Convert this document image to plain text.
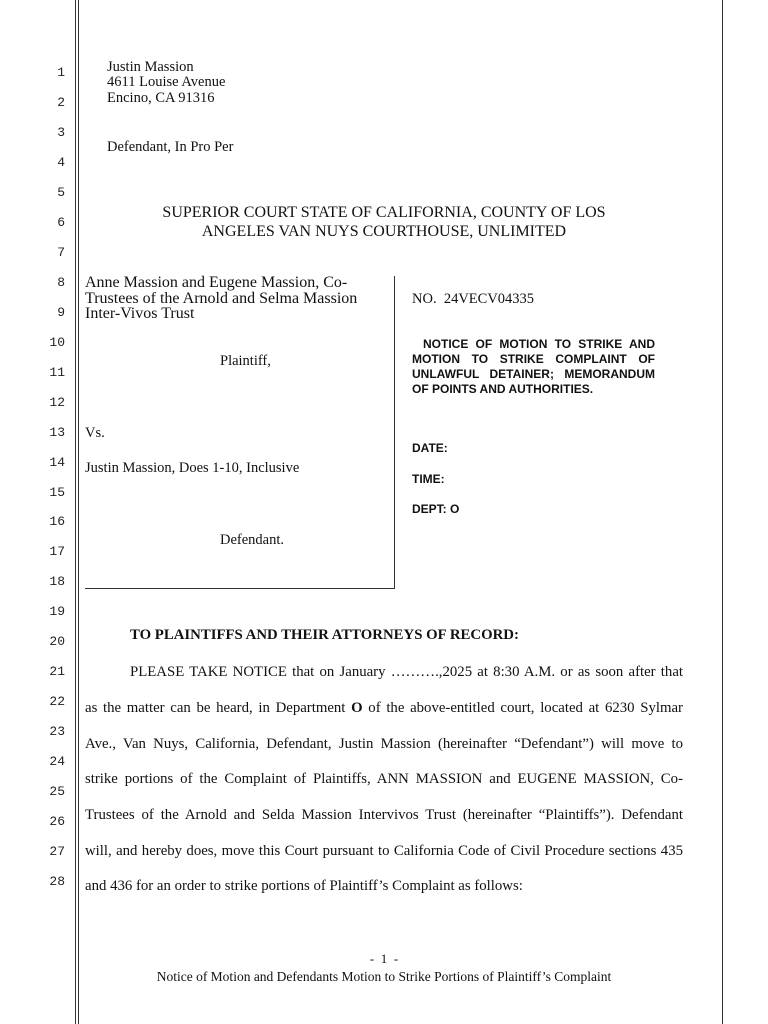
1
2
3
4
5
6
7
8
9
10
11
12
13
14
15
16
17
18
19
20
21
22
23
24
25
26
27
28
Justin Massion
4611 Louise Avenue
Encino, CA 91316
Defendant, In Pro Per
SUPERIOR COURT STATE OF CALIFORNIA, COUNTY OF LOS
ANGELES VAN NUYS COURTHOUSE, UNLIMITED
Anne Massion and Eugene Massion, Co-
Trustees of the Arnold and Selma Massion
Inter-Vivos Trust
Plaintiff,
Vs.
Justin Massion, Does 1-10, Inclusive
Defendant.
NO.  24VECV04335
NOTICE OF MOTION TO STRIKE AND
MOTION TO STRIKE COMPLAINT OF
UNLAWFUL DETAINER; MEMORANDUM
OF POINTS AND AUTHORITIES.
DATE:
TIME:
DEPT: O
TO PLAINTIFFS AND THEIR ATTORNEYS OF RECORD:
PLEASE TAKE NOTICE that on January ……….,2025 at 8:30 A.M. or as soon after that
as the matter can be heard, in Department O of the above-entitled court, located at 6230 Sylmar
Ave., Van Nuys, California, Defendant, Justin Massion (hereinafter “Defendant”) will move to
strike portions of the Complaint of Plaintiffs, ANN MASSION and EUGENE MASSION, Co-
Trustees of the Arnold and Selda Massion Intervivos Trust (hereinafter “Plaintiffs”). Defendant
will, and hereby does, move this Court pursuant to California Code of Civil Procedure sections 435
and 436 for an order to strike portions of Plaintiff’s Complaint as follows:
-  1  -
Notice of Motion and Defendants Motion to Strike Portions of Plaintiff’s Complaint
